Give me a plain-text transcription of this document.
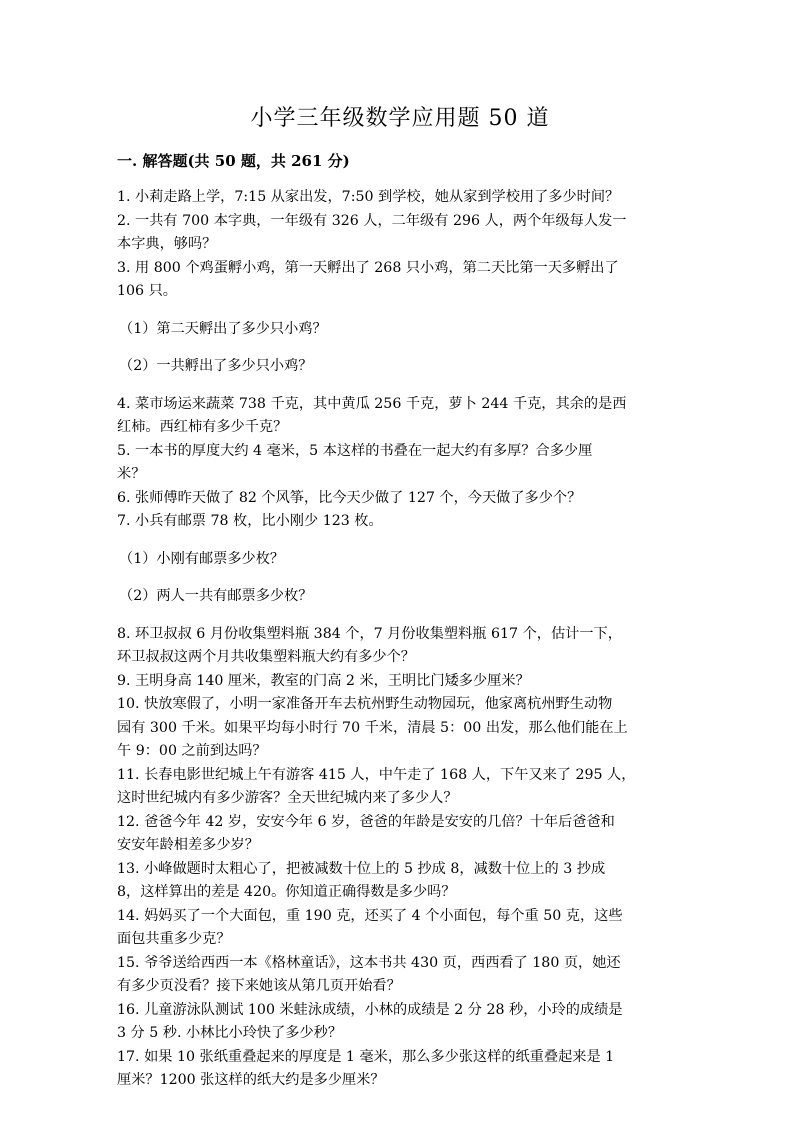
小学三年级数学应用题 50 道
一. 解答题(共 50 题，共 261 分)
1. 小莉走路上学，7:15 从家出发，7:50 到学校，她从家到学校用了多少时间？
2. 一共有 700 本字典，一年级有 326 人，二年级有 296 人，两个年级每人发一
本字典，够吗？
3. 用 800 个鸡蛋孵小鸡，第一天孵出了 268 只小鸡，第二天比第一天多孵出了
106 只。
（1）第二天孵出了多少只小鸡？
（2）一共孵出了多少只小鸡？
4. 菜市场运来蔬菜 738 千克，其中黄瓜 256 千克，萝卜 244 千克，其余的是西
红柿。西红柿有多少千克？
5. 一本书的厚度大约 4 毫米，5 本这样的书叠在一起大约有多厚？合多少厘
米？
6. 张师傅昨天做了 82 个风筝，比今天少做了 127 个，今天做了多少个？
7. 小兵有邮票 78 枚，比小刚少 123 枚。
（1）小刚有邮票多少枚？
（2）两人一共有邮票多少枚？
8. 环卫叔叔 6 月份收集塑料瓶 384 个，7 月份收集塑料瓶 617 个，估计一下，
环卫叔叔这两个月共收集塑料瓶大约有多少个？
9. 王明身高 140 厘米，教室的门高 2 米，王明比门矮多少厘米？
10. 快放寒假了，小明一家准备开车去杭州野生动物园玩，他家离杭州野生动物
园有 300 千米。如果平均每小时行 70 千米，清晨 5：00 出发，那么他们能在上
午 9：00 之前到达吗？
11. 长春电影世纪城上午有游客 415 人，中午走了 168 人，下午又来了 295 人，
这时世纪城内有多少游客？全天世纪城内来了多少人？
12. 爸爸今年 42 岁，安安今年 6 岁，爸爸的年龄是安安的几倍？十年后爸爸和
安安年龄相差多少岁？
13. 小峰做题时太粗心了，把被减数十位上的 5 抄成 8，减数十位上的 3 抄成
8，这样算出的差是 420。你知道正确得数是多少吗？
14. 妈妈买了一个大面包，重 190 克，还买了 4 个小面包，每个重 50 克，这些
面包共重多少克？
15. 爷爷送给西西一本《格林童话》，这本书共 430 页，西西看了 180 页，她还
有多少页没看？接下来她该从第几页开始看？
16. 儿童游泳队测试 100 米蛙泳成绩，小林的成绩是 2 分 28 秒，小玲的成绩是
3 分 5 秒. 小林比小玲快了多少秒？
17. 如果 10 张纸重叠起来的厚度是 1 毫米，那么多少张这样的纸重叠起来是 1
厘米？1200 张这样的纸大约是多少厘米？
